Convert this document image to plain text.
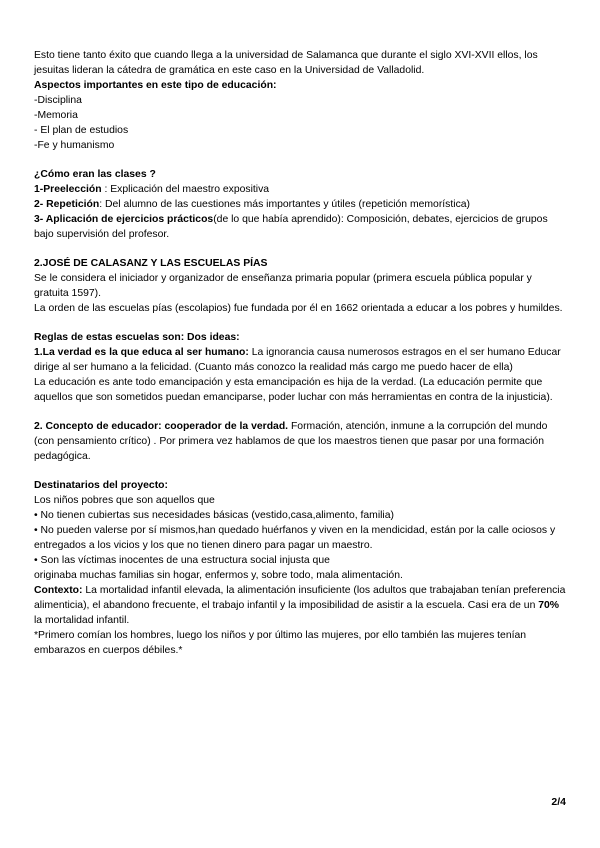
Esto tiene tanto éxito que cuando llega a la universidad de Salamanca que durante el siglo XVI-XVII ellos, los jesuitas lideran la cátedra de gramática en este caso en la Universidad de Valladolid.

Aspectos importantes en este tipo de educación:

-Disciplina

-Memoria

- El plan de estudios

-Fe y humanismo

¿Cómo eran las clases ?

1-Preelección : Explicación del maestro expositiva

2- Repetición: Del alumno de las cuestiones más importantes y útiles (repetición memorística)

3- Aplicación de ejercicios prácticos(de lo que había aprendido): Composición, debates, ejercicios de grupos bajo supervisión del profesor.

2.JOSÉ DE CALASANZ Y LAS ESCUELAS PÍAS

Se le considera el iniciador y organizador de enseñanza primaria popular (primera escuela pública popular y gratuita 1597).

La orden de las escuelas pías (escolapios) fue fundada por él en 1662 orientada a educar a los pobres y humildes.

Reglas de estas escuelas son: Dos ideas:

1.La verdad es la que educa al ser humano: La ignorancia causa numerosos estragos en el ser humano Educar dirige al ser humano a la felicidad. (Cuanto más conozco la realidad más cargo me puedo hacer de ella)

La educación es ante todo emancipación y esta emancipación es hija de la verdad. (La educación permite que aquellos que son sometidos puedan emanciparse, poder luchar con más herramientas en contra de la injusticia).

2. Concepto de educador: cooperador de la verdad. Formación, atención, inmune a la corrupción del mundo (con pensamiento crítico) . Por primera vez hablamos de que los maestros tienen que pasar por una formación pedagógica.

Destinatarios del proyecto:

Los niños pobres que son aquellos que

• No tienen cubiertas sus necesidades básicas (vestido,casa,alimento, familia)

• No pueden valerse por sí mismos,han quedado huérfanos y viven en la mendicidad, están por la calle ociosos y entregados a los vicios y los que no tienen dinero para pagar un maestro.

• Son las víctimas inocentes de una estructura social injusta que

originaba muchas familias sin hogar, enfermos y, sobre todo, mala alimentación.

Contexto: La mortalidad infantil elevada, la alimentación insuficiente (los adultos que trabajaban tenían preferencia alimenticia), el abandono frecuente, el trabajo infantil y la imposibilidad de asistir a la escuela. Casi era de un 70% la mortalidad infantil.

*Primero comían los hombres, luego los niños y por último las mujeres, por ello también las mujeres tenían embarazos en cuerpos débiles.*

2/4
